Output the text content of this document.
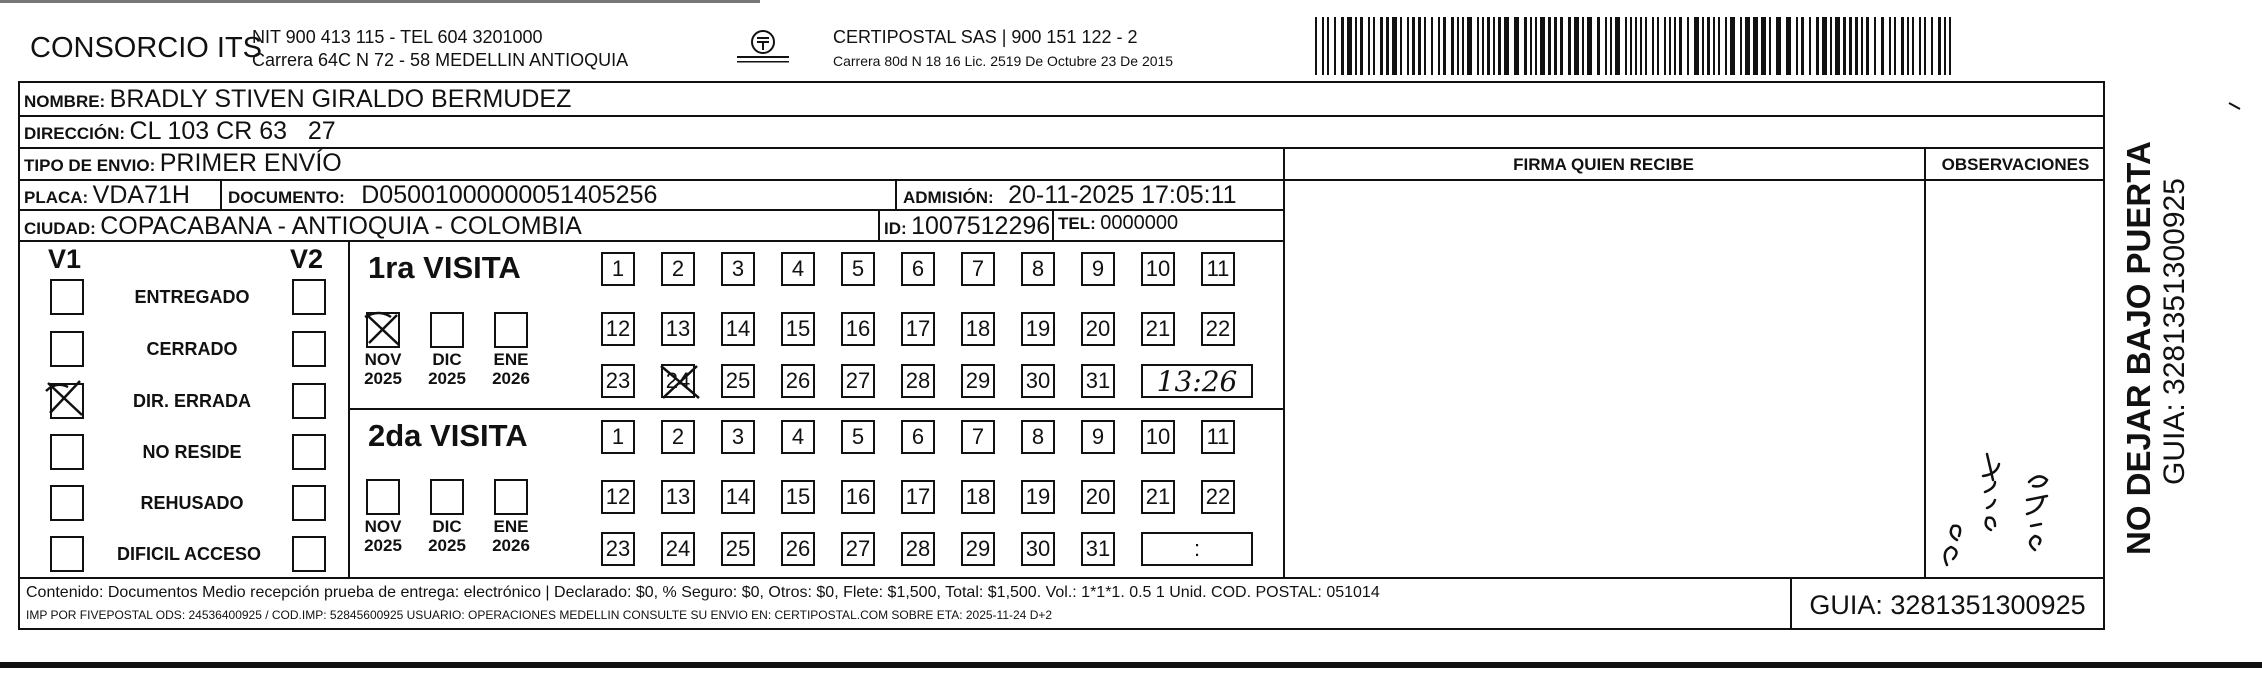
CONSORCIO ITS
NIT 900 413 115 - TEL 604 3201000
Carrera 64C N 72 - 58 MEDELLIN ANTIOQUIA
CERTIPOSTAL SAS | 900 151 122 - 2
Carrera 80d N 18 16 Lic. 2519 De Octubre 23 De 2015
NOMBRE: BRADLY STIVEN GIRALDO BERMUDEZ
DIRECCIÓN: CL 103 CR 63   27
TIPO DE ENVIO: PRIMER ENVÍO	FIRMA QUIEN RECIBE	OBSERVACIONES
PLACA: VDA71H DOCUMENTO: D05001000000051405256	ADMISIÓN: 20-11-2025 17:05:11
CIUDAD: COPACABANA - ANTIOQUIA - COLOMBIA	ID: 1007512296 TEL: 0000000
V1	V2
ENTREGADO
CERRADO
DIR. ERRADA
NO RESIDE
REHUSADO
DIFICIL ACCESO
1ra VISITA
NOV
2025
DIC
2025
ENE
2026
1 2 3 4 5 6 7 8 9 10 11
12 13 14 15 16 17 18 19 20 21 22
23 24 25 26 27 28 29 30 31 13:26
2da VISITA
NOV
2025
DIC
2025
ENE
2026
1 2 3 4 5 6 7 8 9 10 11
12 13 14 15 16 17 18 19 20 21 22
23 24 25 26 27 28 29 30 31	:
Contenido: Documentos Medio recepción prueba de entrega: electrónico | Declarado: $0, % Seguro: $0, Otros: $0, Flete: $1,500, Total: $1,500. Vol.: 1*1*1. 0.5 1 Unid. COD. POSTAL: 051014
IMP POR FIVEPOSTAL ODS: 24536400925 / COD.IMP: 52845600925 USUARIO: OPERACIONES MEDELLIN CONSULTE SU ENVIO EN: CERTIPOSTAL.COM SOBRE ETA: 2025-11-24 D+2	GUIA: 3281351300925
NO DEJAR BAJO PUERTA GUIA: 3281351300925
